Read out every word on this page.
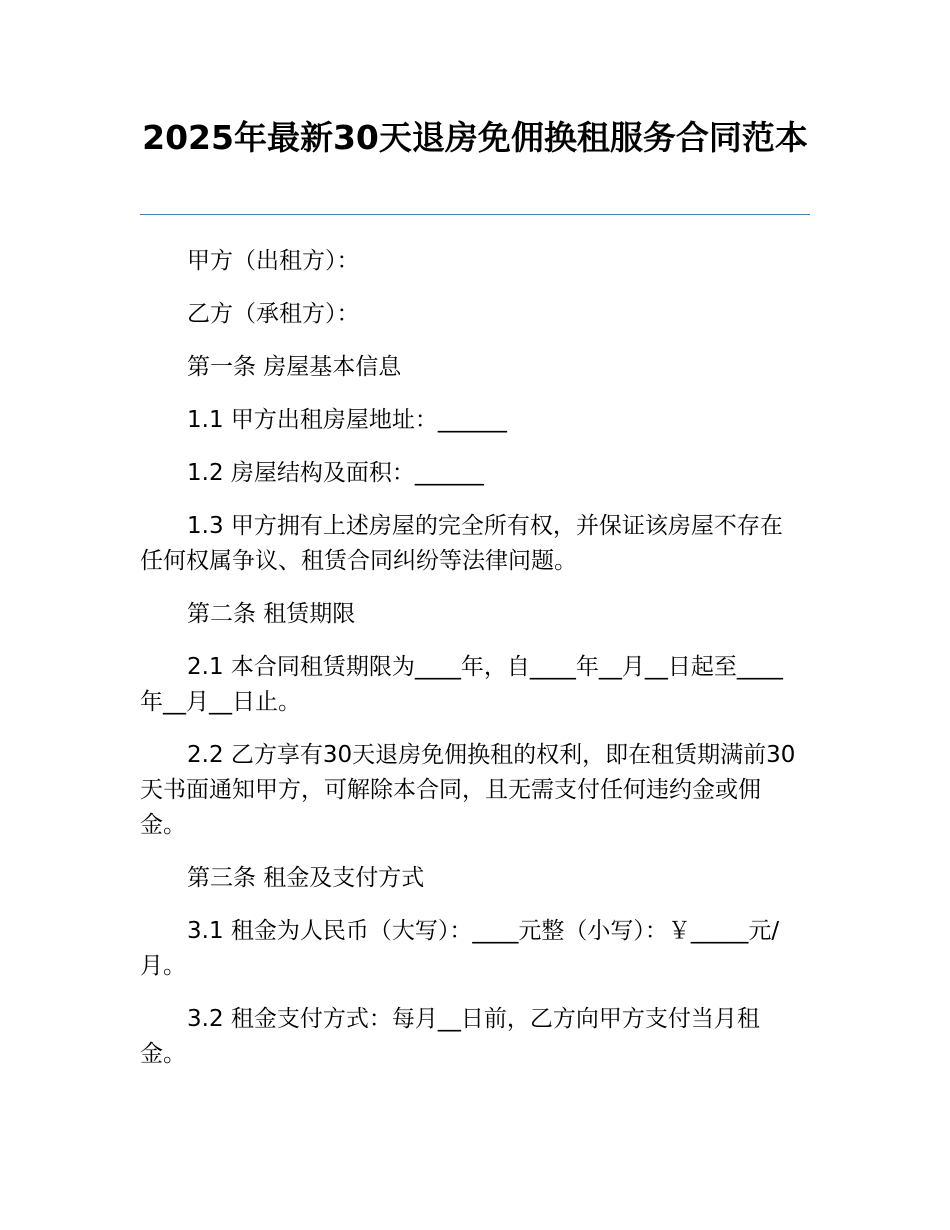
2025年最新30天退房免佣换租服务合同范本

甲方（出租方）：

乙方（承租方）：

第一条 房屋基本信息

1.1 甲方出租房屋地址：______

1.2 房屋结构及面积：______

1.3 甲方拥有上述房屋的完全所有权，并保证该房屋不存在任何权属争议、租赁合同纠纷等法律问题。

第二条 租赁期限

2.1 本合同租赁期限为____年，自____年__月__日起至____年__月__日止。

2.2 乙方享有30天退房免佣换租的权利，即在租赁期满前30天书面通知甲方，可解除本合同，且无需支付任何违约金或佣金。

第三条 租金及支付方式

3.1 租金为人民币（大写）：____元整（小写）：￥_____元/月。

3.2 租金支付方式：每月__日前，乙方向甲方支付当月租金。
